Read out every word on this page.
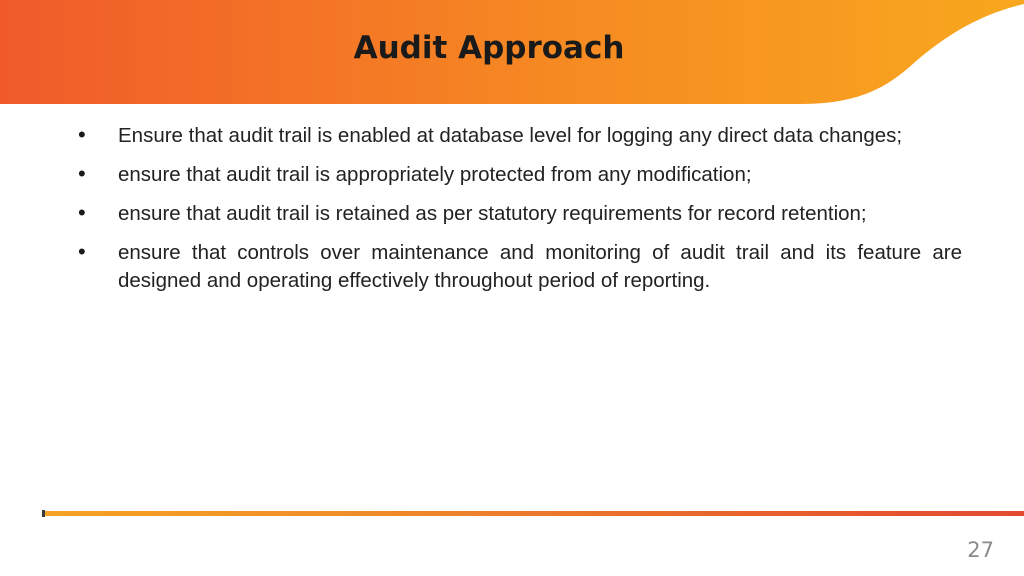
Audit Approach
• Ensure that audit trail is enabled at database level for logging any direct data changes;
• ensure that audit trail is appropriately protected from any modification;
• ensure that audit trail is retained as per statutory requirements for record retention;
• ensure that controls over maintenance and monitoring of audit trail and its feature are designed and operating effectively throughout period of reporting.
27
